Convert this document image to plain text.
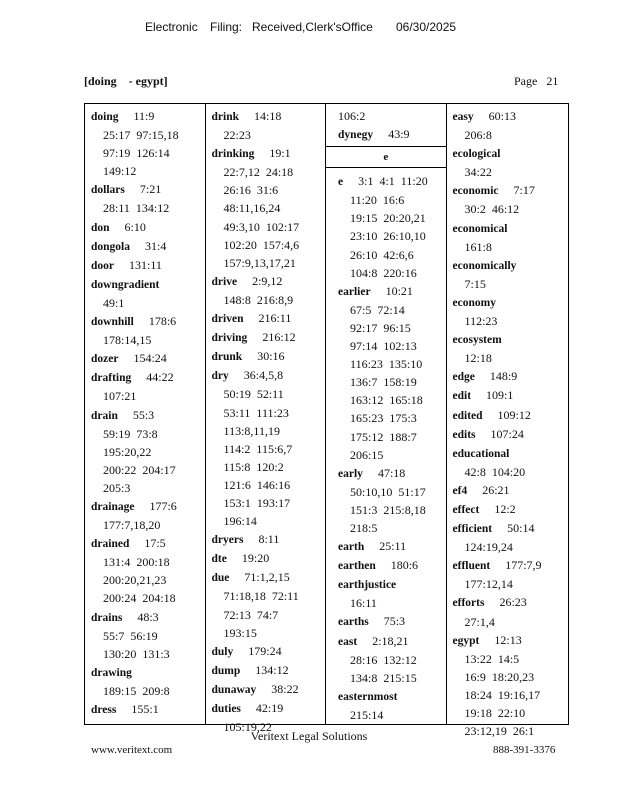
Electronic Filing: Received,Clerk'sOffice 06/30/2025
[doing    - egypt]	Page   21
doing 11:9
25:17  97:15,18
97:19  126:14
149:12
dollars 7:21
28:11  134:12
don 6:10
dongola 31:4
door 131:11
downgradient
49:1
downhill 178:6
178:14,15
dozer 154:24
drafting 44:22
107:21
drain 55:3
59:19  73:8
195:20,22
200:22  204:17
205:3
drainage 177:6
177:7,18,20
drained 17:5
131:4  200:18
200:20,21,23
200:24  204:18
drains 48:3
55:7  56:19
130:20  131:3
drawing
189:15  209:8
dress 155:1
drink 14:18
22:23
drinking 19:1
22:7,12  24:18
26:16  31:6
48:11,16,24
49:3,10  102:17
102:20  157:4,6
157:9,13,17,21
drive 2:9,12
148:8  216:8,9
driven 216:11
driving 216:12
drunk 30:16
dry 36:4,5,8
50:19  52:11
53:11  111:23
113:8,11,19
114:2  115:6,7
115:8  120:2
121:6  146:16
153:1  193:17
196:14
dryers 8:11
dte 19:20
due 71:1,2,15
71:18,18  72:11
72:13  74:7
193:15
duly 179:24
dump 134:12
dunaway 38:22
duties 42:19
105:19,22
106:2
dynegy 43:9
e
e 3:1  4:1  11:20
11:20  16:6
19:15  20:20,21
23:10  26:10,10
26:10  42:6,6
104:8  220:16
earlier 10:21
67:5  72:14
92:17  96:15
97:14  102:13
116:23  135:10
136:7  158:19
163:12  165:18
165:23  175:3
175:12  188:7
206:15
early 47:18
50:10,10  51:17
151:3  215:8,18
218:5
earth 25:11
earthen 180:6
earthjustice
16:11
earths 75:3
east 2:18,21
28:16  132:12
134:8  215:15
easternmost
215:14
easy 60:13
206:8
ecological
34:22
economic 7:17
30:2  46:12
economical
161:8
economically
7:15
economy
112:23
ecosystem
12:18
edge 148:9
edit 109:1
edited 109:12
edits 107:24
educational
42:8  104:20
ef4 26:21
effect 12:2
efficient 50:14
124:19,24
effluent 177:7,9
177:12,14
efforts 26:23
27:1,4
egypt 12:13
13:22  14:5
16:9  18:20,23
18:24  19:16,17
19:18  22:10
23:12,19  26:1
Veritext Legal Solutions
www.veritext.com	888-391-3376
